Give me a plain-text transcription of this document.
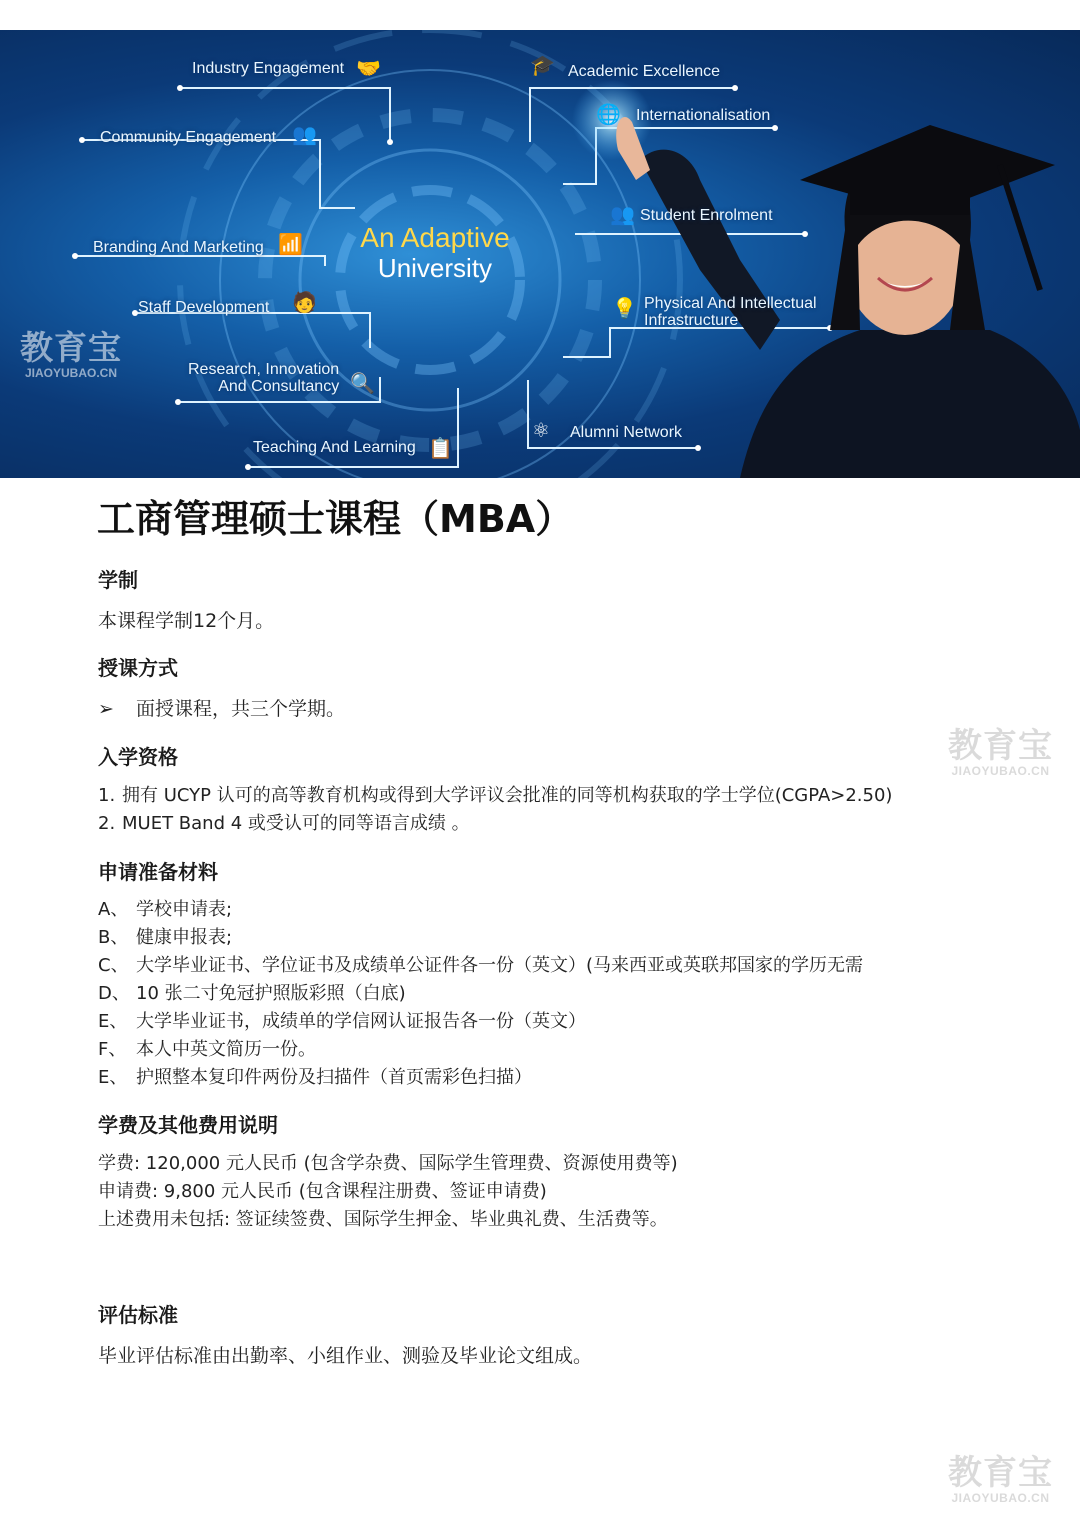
Industry Engagement 🤝
Community Engagement 👥
Branding And Marketing 📶
Staff Development 🧑
Research, Innovation
And Consultancy 🔍
Teaching And Learning 📋
An Adaptive
University
🎓 Academic Excellence
🌐 Internationalisation
👥 Student Enrolment
💡 Physical And Intellectual
Infrastructure
⚛ Alumni Network
教育宝
JIAOYUBAO.CN
工商管理硕士课程（MBA）
学制

本课程学制12个月。

授课方式

➢ 面授课程，共三个学期。

入学资格
1. 拥有 UCYP 认可的高等教育机构或得到大学评议会批准的同等机构获取的学士学位(CGPA>2.50)
2. MUET Band 4 或受认可的同等语言成绩 。
申请准备材料
A、 学校申请表;
B、 健康申报表;
C、 大学毕业证书、学位证书及成绩单公证件各一份（英文）(马来西亚或英联邦国家的学历无需
D、 10 张二寸免冠护照版彩照（白底)
E、 大学毕业证书，成绩单的学信网认证报告各一份（英文）
F、 本人中英文简历一份。
E、 护照整本复印件两份及扫描件（首页需彩色扫描）
学费及其他费用说明
学费: 120,000 元人民币 (包含学杂费、国际学生管理费、资源使用费等)
申请费: 9,800 元人民币 (包含课程注册费、签证申请费)
上述费用未包括: 签证续签费、国际学生押金、毕业典礼费、生活费等。
评估标准

毕业评估标准由出勤率、小组作业、测验及毕业论文组成。

教育宝
JIAOYUBAO.CN
教育宝
JIAOYUBAO.CN
